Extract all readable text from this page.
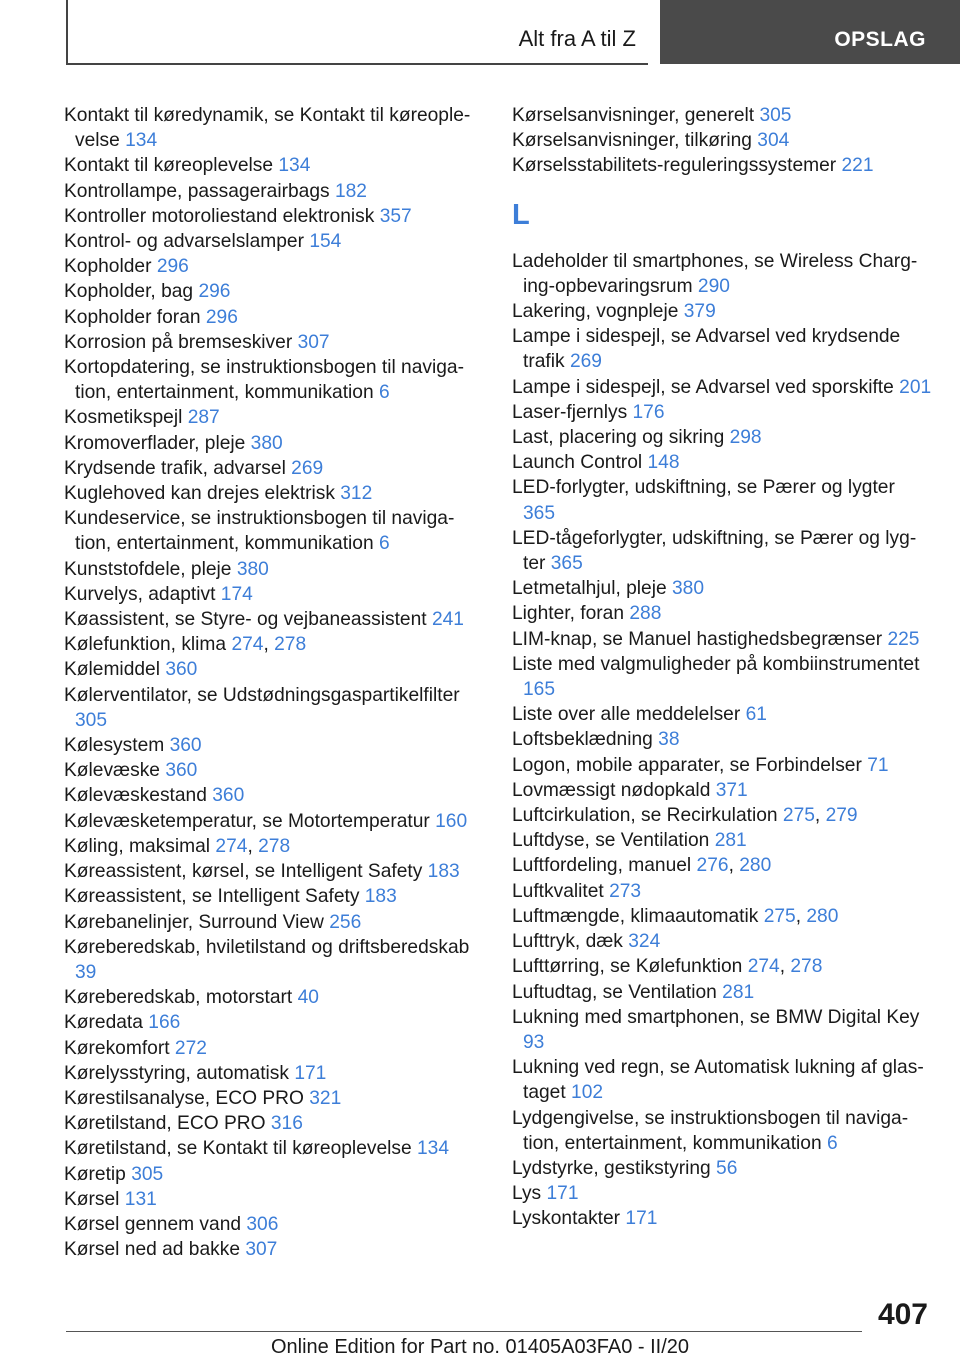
Alt fra A til Z	OPSLAG
Kontakt til køredynamik, se Kontakt til køreoplevelse 134
Kontakt til køreoplevelse 134
Kontrollampe, passagerairbags 182
Kontroller motoroliestand elektronisk 357
Kontrol- og advarselslamper 154
Kopholder 296
Kopholder, bag 296
Kopholder foran 296
Korrosion på bremseskiver 307
Kortopdatering, se instruktionsbogen til navigation, entertainment, kommunikation 6
Kosmetikspejl 287
Kromoverflader, pleje 380
Krydsende trafik, advarsel 269
Kuglehoved kan drejes elektrisk 312
Kundeservice, se instruktionsbogen til navigation, entertainment, kommunikation 6
Kunststofdele, pleje 380
Kurvelys, adaptivt 174
Køassistent, se Styre- og vejbaneassistent 241
Kølefunktion, klima 274, 278
Kølemiddel 360
Kølerventilator, se Udstødningsgaspartikelfilter 305
Kølesystem 360
Kølevæske 360
Kølevæskestand 360
Kølevæsketemperatur, se Motortemperatur 160
Køling, maksimal 274, 278
Køreassistent, kørsel, se Intelligent Safety 183
Køreassistent, se Intelligent Safety 183
Kørebanelinjer, Surround View 256
Køreberedskab, hviletilstand og driftsberedskab 39
Køreberedskab, motorstart 40
Køredata 166
Kørekomfort 272
Kørelysstyring, automatisk 171
Kørestilsanalyse, ECO PRO 321
Køretilstand, ECO PRO 316
Køretilstand, se Kontakt til køreoplevelse 134
Køretip 305
Kørsel 131
Kørsel gennem vand 306
Kørsel ned ad bakke 307
Kørselsanvisninger, generelt 305
Kørselsanvisninger, tilkøring 304
Kørselsstabilitets-reguleringssystemer 221
L
Ladeholder til smartphones, se Wireless Charging-opbevaringsrum 290
Lakering, vognpleje 379
Lampe i sidespejl, se Advarsel ved krydsende trafik 269
Lampe i sidespejl, se Advarsel ved sporskifte 201
Laser-fjernlys 176
Last, placering og sikring 298
Launch Control 148
LED-forlygter, udskiftning, se Pærer og lygter 365
LED-tågeforlygter, udskiftning, se Pærer og lygter 365
Letmetalhjul, pleje 380
Lighter, foran 288
LIM-knap, se Manuel hastighedsbegrænser 225
Liste med valgmuligheder på kombiinstrumentet 165
Liste over alle meddelelser 61
Loftsbeklædning 38
Logon, mobile apparater, se Forbindelser 71
Lovmæssigt nødopkald 371
Luftcirkulation, se Recirkulation 275, 279
Luftdyse, se Ventilation 281
Luftfordeling, manuel 276, 280
Luftkvalitet 273
Luftmængde, klimaautomatik 275, 280
Lufttryk, dæk 324
Lufttørring, se Kølefunktion 274, 278
Luftudtag, se Ventilation 281
Lukning med smartphonen, se BMW Digital Key 93
Lukning ved regn, se Automatisk lukning af glastaget 102
Lydgengivelse, se instruktionsbogen til navigation, entertainment, kommunikation 6
Lydstyrke, gestikstyring 56
Lys 171
Lyskontakter 171
407
Online Edition for Part no. 01405A03FA0 - II/20
